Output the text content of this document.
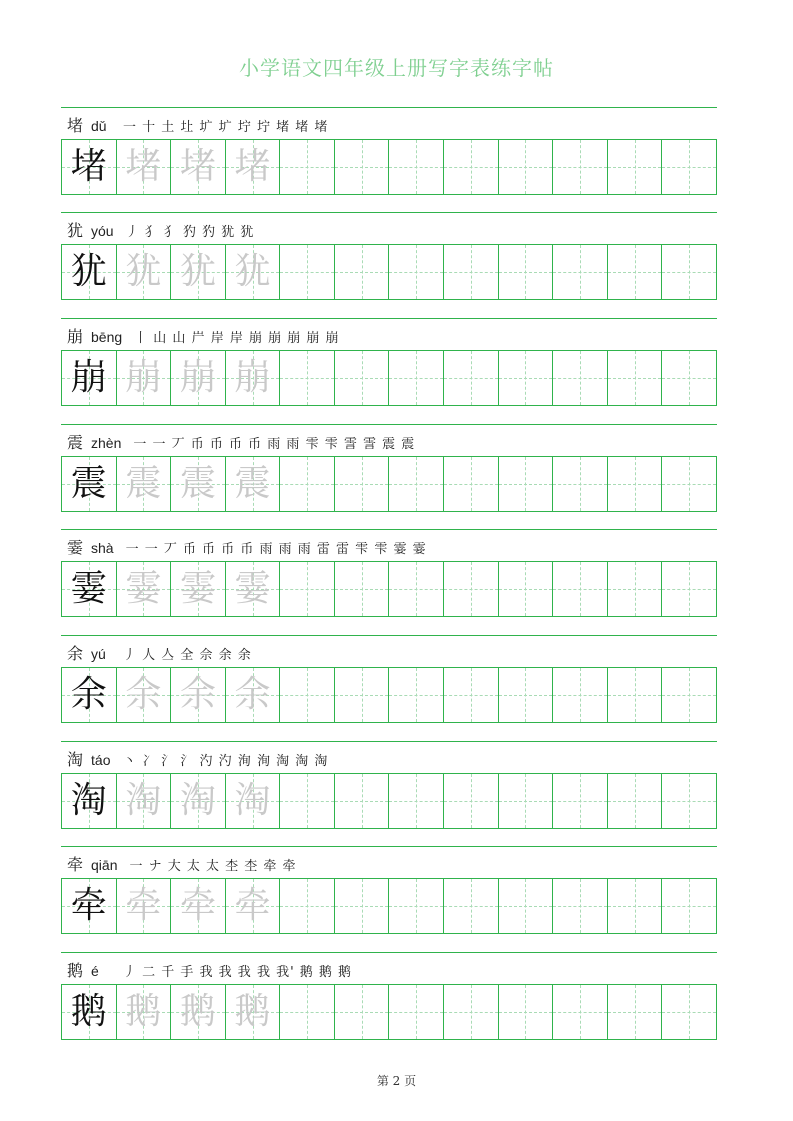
小学语文四年级上册写字表练字帖
堵 dǔ	一 十 土 圵 圹 圹 坾 坾 堵 堵 堵
堵 堵 堵 堵
犹 yóu 丿 犭 犭 犳 犳 犹 犹
犹 犹 犹 犹
崩 bēng 丨 山 山 屵 岸 岸 崩 崩 崩 崩 崩
崩 崩 崩 崩
震 zhèn 一 一 丆 币 币 币 币 雨 雨 雫 雫 霅 霅 震 震
震 震 震 震
霎 shà 一 一 丆 币 币 币 币 雨 雨 雨 雷 雷 雫 雫 霎 霎
霎 霎 霎 霎
余 yú	丿 人 亼 全 佘 余 余
余 余 余 余
淘 táo 丶 冫 氵 氵 汋 汋 洵 洵 淘 淘 淘
淘 淘 淘 淘
牵 qiān 一 ナ 大 太 太 杢 杢 牵 牵
牵 牵 牵 牵
鹅 é	丿 二 千 手 我 我 我 我 我' 鹅 鹅 鹅
鹅 鹅 鹅 鹅
第 2 页
